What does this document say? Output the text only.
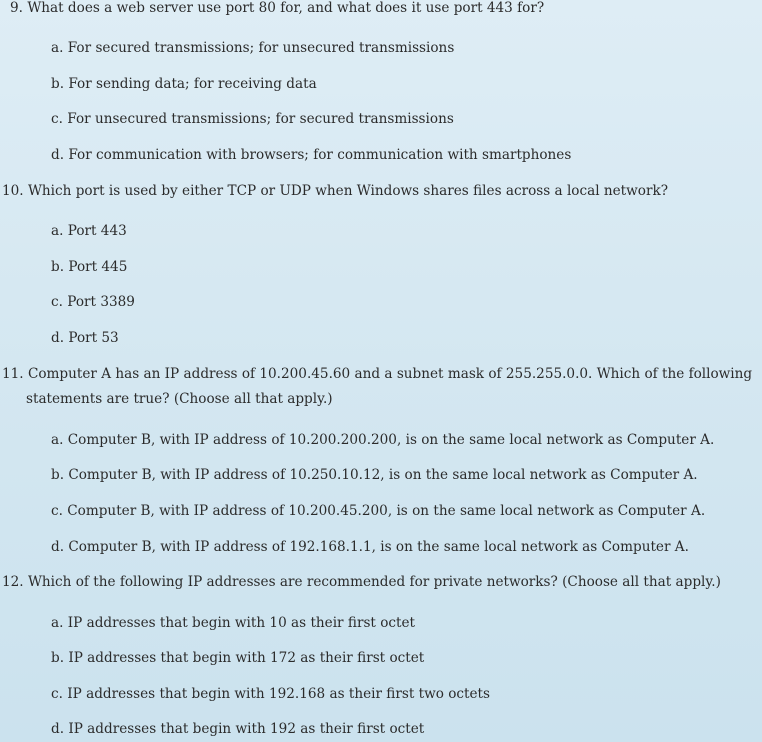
9. What does a web server use port 80 for, and what does it use port 443 for?
a. For secured transmissions; for unsecured transmissions
b. For sending data; for receiving data
c. For unsecured transmissions; for secured transmissions
d. For communication with browsers; for communication with smartphones
10. Which port is used by either TCP or UDP when Windows shares files across a local network?
a. Port 443
b. Port 445
c. Port 3389
d. Port 53
11. Computer A has an IP address of 10.200.45.60 and a subnet mask of 255.255.0.0. Which of the following
statements are true? (Choose all that apply.)
a. Computer B, with IP address of 10.200.200.200, is on the same local network as Computer A.
b. Computer B, with IP address of 10.250.10.12, is on the same local network as Computer A.
c. Computer B, with IP address of 10.200.45.200, is on the same local network as Computer A.
d. Computer B, with IP address of 192.168.1.1, is on the same local network as Computer A.
12. Which of the following IP addresses are recommended for private networks? (Choose all that apply.)
a. IP addresses that begin with 10 as their first octet
b. IP addresses that begin with 172 as their first octet
c. IP addresses that begin with 192.168 as their first two octets
d. IP addresses that begin with 192 as their first octet
